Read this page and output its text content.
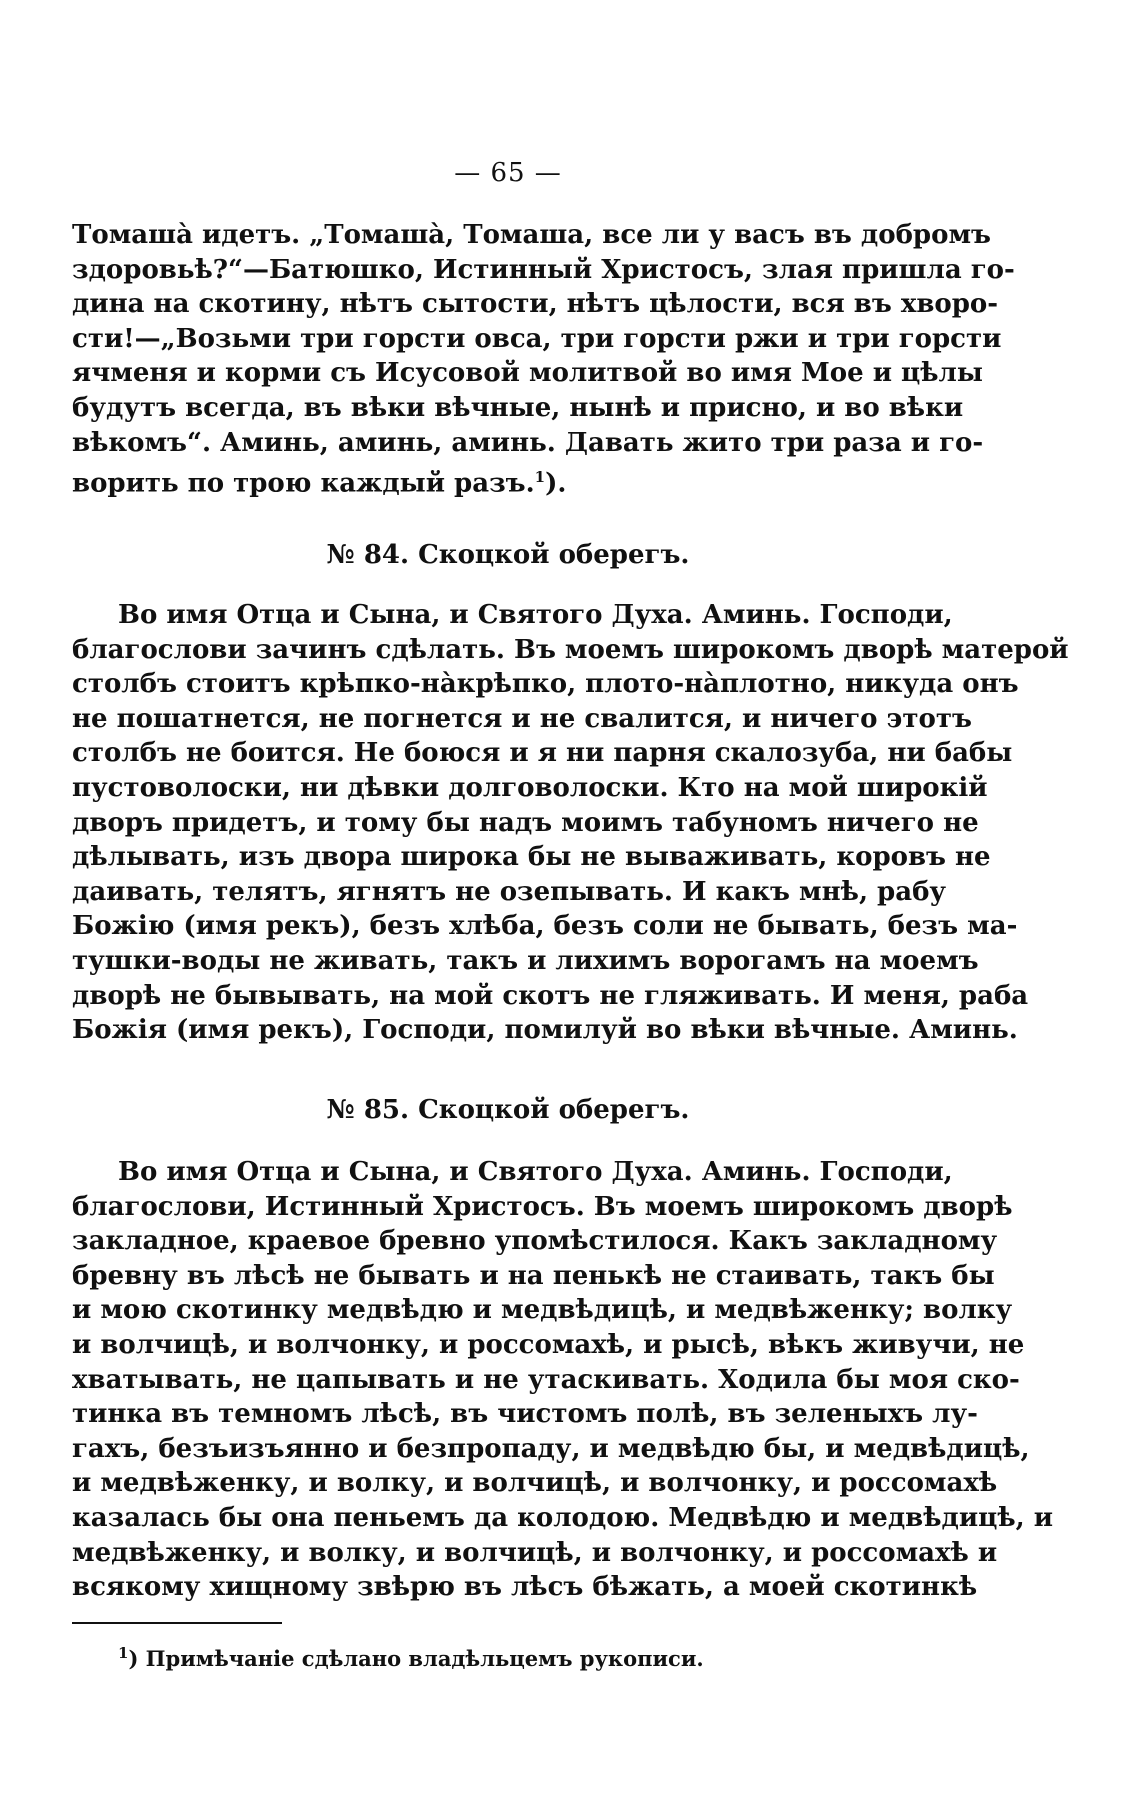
— 65 —
Томашà идетъ. „Томашà, Томаша, все ли у васъ въ добромъ
здоровьѣ?“—Батюшко, Истинный Христосъ, злая пришла го-
дина на скотину, нѣтъ сытости, нѣтъ цѣлости, вся въ хворо-
сти!—„Возьми три горсти овса, три горсти ржи и три горсти
ячменя и корми съ Исусовой молитвой во имя Мое и цѣлы
будутъ всегда, въ вѣки вѣчные, нынѣ и присно, и во вѣки
вѣкомъ“. Аминь, аминь, аминь. Давать жито три раза и го-
ворить по трою каждый разъ.$^1$).
№ 84. Скоцкой оберегъ.
Во имя Отца и Сына, и Святого Духа. Аминь. Господи,
благослови зачинъ сдѣлать. Въ моемъ широкомъ дворѣ матерой
столбъ стоитъ крѣпко-нàкрѣпко, плото-нàплотно, никуда онъ
не пошатнется, не погнется и не свалится, и ничего этотъ
столбъ не боится. Не боюся и я ни парня скалозуба, ни бабы
пустоволоски, ни дѣвки долговолоски. Кто на мой широкій
дворъ придетъ, и тому бы надъ моимъ табуномъ ничего не
дѣлывать, изъ двора широка бы не вываживать, коровъ не
даивать, телятъ, ягнятъ не озепывать. И какъ мнѣ, рабу
Божію (имя рекъ), безъ хлѣба, безъ соли не бывать, безъ ма-
тушки-воды не живать, такъ и лихимъ ворогамъ на моемъ
дворѣ не бывывать, на мой скотъ не гляживать. И меня, раба
Божія (имя рекъ), Господи, помилуй во вѣки вѣчные. Аминь.
№ 85. Скоцкой оберегъ.
Во имя Отца и Сына, и Святого Духа. Аминь. Господи,
благослови, Истинный Христосъ. Въ моемъ широкомъ дворѣ
закладное, краевое бревно упомѣстилося. Какъ закладному
бревну въ лѣсѣ не бывать и на пенькѣ не стаивать, такъ бы
и мою скотинку медвѣдю и медвѣдицѣ, и медвѣженку; волку
и волчицѣ, и волчонку, и россомахѣ, и рысѣ, вѣкъ живучи, не
хватывать, не цапывать и не утаскивать. Ходила бы моя ско-
тинка въ темномъ лѣсѣ, въ чистомъ полѣ, въ зеленыхъ лу-
гахъ, безъизъянно и безпропаду, и медвѣдю бы, и медвѣдицѣ,
и медвѣженку, и волку, и волчицѣ, и волчонку, и россомахѣ
казалась бы она пеньемъ да колодою. Медвѣдю и медвѣдицѣ, и
медвѣженку, и волку, и волчицѣ, и волчонку, и россомахѣ и
всякому хищному звѣрю въ лѣсъ бѣжать, а моей скотинкѣ
$^1$) Примѣчаніе сдѣлано владѣльцемъ рукописи.
